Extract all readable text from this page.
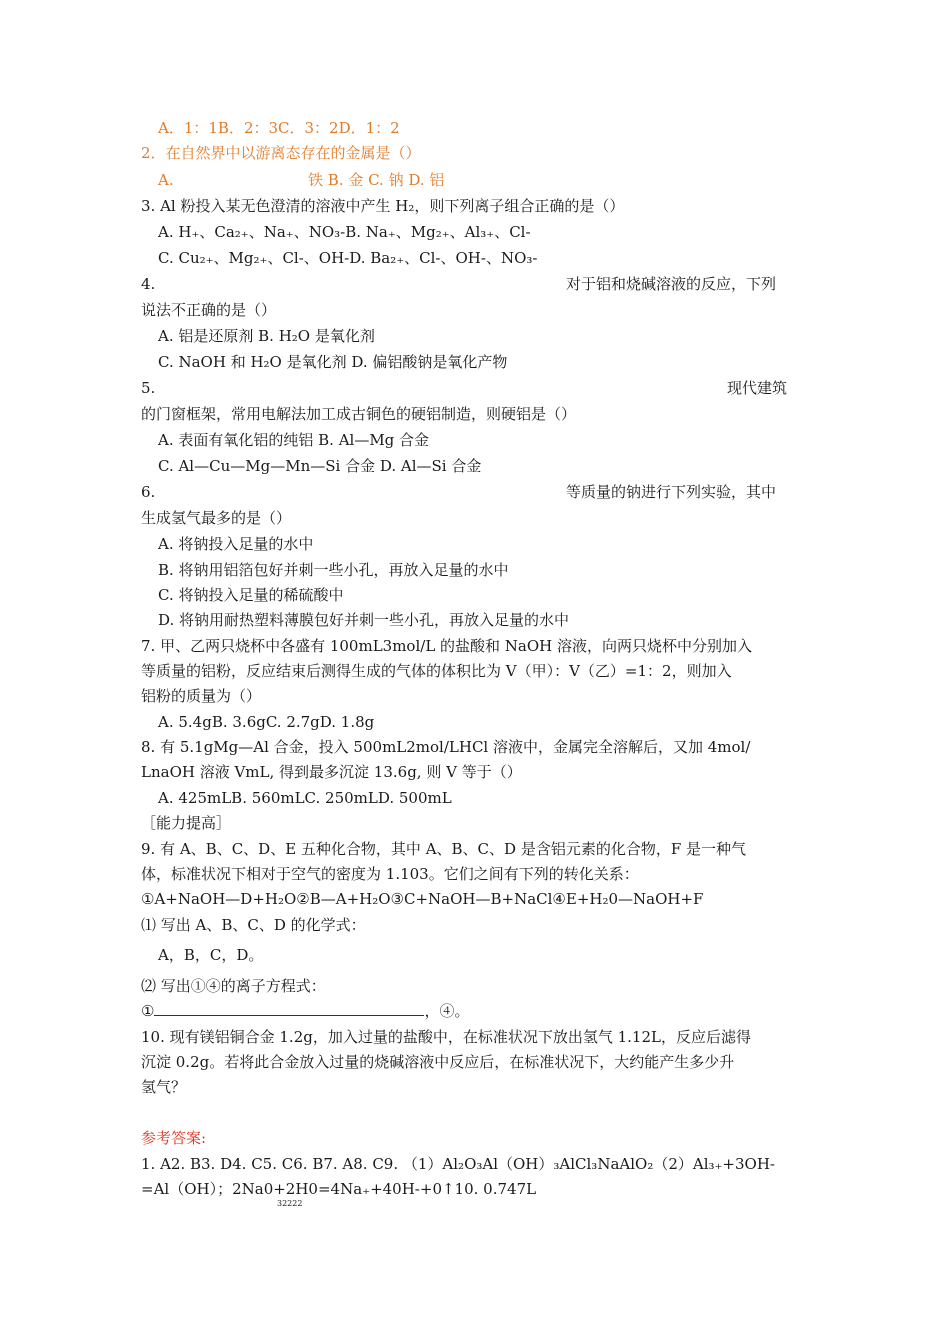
A．1：1B．2：3C．3：2D．1：2
2．在自然界中以游离态存在的金属是（）
A.	铁 B. 金 C. 钠 D. 铝
3. Al 粉投入某无色澄清的溶液中产生 H₂，则下列离子组合正确的是（）
A. H₊、Ca₂₊、Na₊、NO₃-B. Na₊、Mg₂₊、Al₃₊、Cl-
C. Cu₂₊、Mg₂₊、Cl-、OH-D. Ba₂₊、Cl-、OH-、NO₃-
4.	对于铝和烧碱溶液的反应，下列
说法不正确的是（）
A. 铝是还原剂 B. H₂O 是氧化剂
C. NaOH 和 H₂O 是氧化剂 D. 偏铝酸钠是氧化产物
5.	现代建筑
的门窗框架，常用电解法加工成古铜色的硬铝制造，则硬铝是（）
A. 表面有氧化铝的纯铝 B. Al—Mg 合金
C. Al—Cu—Mg—Mn—Si 合金 D. Al—Si 合金
6.	等质量的钠进行下列实验，其中
生成氢气最多的是（）
A. 将钠投入足量的水中
B. 将钠用铝箔包好并刺一些小孔，再放入足量的水中
C. 将钠投入足量的稀硫酸中
D. 将钠用耐热塑料薄膜包好并刺一些小孔，再放入足量的水中
7. 甲、乙两只烧杯中各盛有 100mL3mol/L 的盐酸和 NaOH 溶液，向两只烧杯中分别加入
等质量的铝粉，反应结束后测得生成的气体的体积比为 V（甲）：V（乙）=1：2，则加入
铝粉的质量为（）
A. 5.4gB. 3.6gC. 2.7gD. 1.8g
8. 有 5.1gMg—Al 合金，投入 500mL2mol/LHCl 溶液中，金属完全溶解后，又加 4mol/
LnaOH 溶液 VmL, 得到最多沉淀 13.6g, 则 V 等于（）
A. 425mLB. 560mLC. 250mLD. 500mL
［能力提高］
9. 有 A、B、C、D、E 五种化合物，其中 A、B、C、D 是含铝元素的化合物，F 是一种气
体，标准状况下相对于空气的密度为 1.103。它们之间有下列的转化关系：
①A+NaOH—D+H₂O②B—A+H₂O③C+NaOH—B+NaCl④E+H₂0—NaOH+F
⑴ 写出 A、B、C、D 的化学式：
A，B，C，D。
⑵ 写出①④的离子方程式：
①	，④。
10. 现有镁铝铜合金 1.2g，加入过量的盐酸中，在标准状况下放出氢气 1.12L，反应后滤得
沉淀 0.2g。若将此合金放入过量的烧碱溶液中反应后，在标准状况下，大约能产生多少升
氢气？
参考答案:
1. A2. B3. D4. C5. C6. B7. A8. C9. （1）Al₂O₃Al（OH）₃AlCl₃NaAlO₂（2）Al₃₊+3OH-
=Al（OH）；2Na0+2H0=4Na₊+40H-+0↑10. 0.747L
32222
